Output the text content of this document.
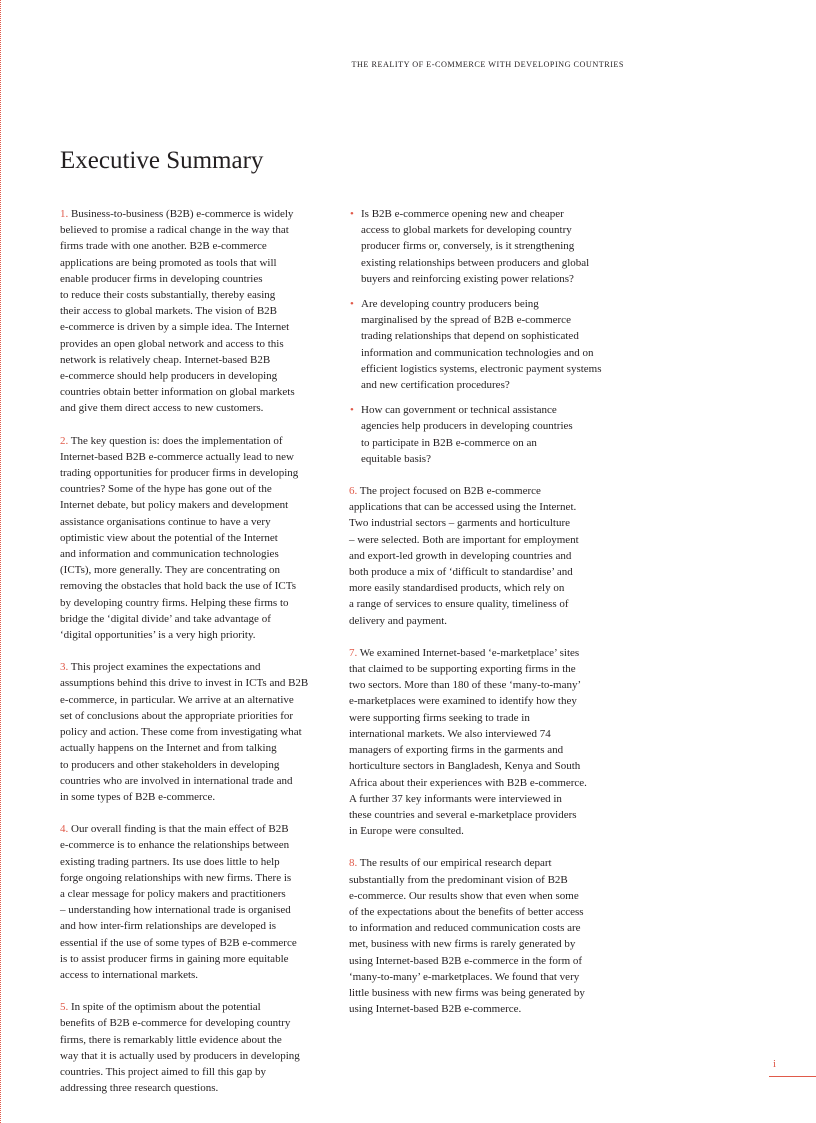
THE REALITY OF E-COMMERCE WITH DEVELOPING COUNTRIES
Executive Summary

1. Business-to-business (B2B) e-commerce is widely
believed to promise a radical change in the way that
firms trade with one another. B2B e-commerce
applications are being promoted as tools that will
enable producer firms in developing countries
to reduce their costs substantially, thereby easing
their access to global markets. The vision of B2B
e-commerce is driven by a simple idea. The Internet
provides an open global network and access to this
network is relatively cheap. Internet-based B2B
e-commerce should help producers in developing
countries obtain better information on global markets
and give them direct access to new customers.

2. The key question is: does the implementation of
Internet-based B2B e-commerce actually lead to new
trading opportunities for producer firms in developing
countries? Some of the hype has gone out of the
Internet debate, but policy makers and development
assistance organisations continue to have a very
optimistic view about the potential of the Internet
and information and communication technologies
(ICTs), more generally. They are concentrating on
removing the obstacles that hold back the use of ICTs
by developing country firms. Helping these firms to
bridge the ‘digital divide’ and take advantage of
‘digital opportunities’ is a very high priority.

3. This project examines the expectations and
assumptions behind this drive to invest in ICTs and B2B
e-commerce, in particular. We arrive at an alternative
set of conclusions about the appropriate priorities for
policy and action. These come from investigating what
actually happens on the Internet and from talking
to producers and other stakeholders in developing
countries who are involved in international trade and
in some types of B2B e-commerce.

4. Our overall finding is that the main effect of B2B
e-commerce is to enhance the relationships between
existing trading partners. Its use does little to help
forge ongoing relationships with new firms. There is
a clear message for policy makers and practitioners
– understanding how international trade is organised
and how inter-firm relationships are developed is
essential if the use of some types of B2B e-commerce
is to assist producer firms in gaining more equitable
access to international markets.

5. In spite of the optimism about the potential
benefits of B2B e-commerce for developing country
firms, there is remarkably little evidence about the
way that it is actually used by producers in developing
countries. This project aimed to fill this gap by
addressing three research questions.

• Is B2B e-commerce opening new and cheaper
access to global markets for developing country
producer firms or, conversely, is it strengthening
existing relationships between producers and global
buyers and reinforcing existing power relations?
• Are developing country producers being
marginalised by the spread of B2B e-commerce
trading relationships that depend on sophisticated
information and communication technologies and on
efficient logistics systems, electronic payment systems
and new certification procedures?
• How can government or technical assistance
agencies help producers in developing countries
to participate in B2B e-commerce on an
equitable basis?

6. The project focused on B2B e-commerce
applications that can be accessed using the Internet.
Two industrial sectors – garments and horticulture
– were selected. Both are important for employment
and export-led growth in developing countries and
both produce a mix of ‘difficult to standardise’ and
more easily standardised products, which rely on
a range of services to ensure quality, timeliness of
delivery and payment.

7. We examined Internet-based ‘e-marketplace’ sites
that claimed to be supporting exporting firms in the
two sectors. More than 180 of these ‘many-to-many’
e-marketplaces were examined to identify how they
were supporting firms seeking to trade in
international markets. We also interviewed 74
managers of exporting firms in the garments and
horticulture sectors in Bangladesh, Kenya and South
Africa about their experiences with B2B e-commerce.
A further 37 key informants were interviewed in
these countries and several e-marketplace providers
in Europe were consulted.

8. The results of our empirical research depart
substantially from the predominant vision of B2B
e-commerce. Our results show that even when some
of the expectations about the benefits of better access
to information and reduced communication costs are
met, business with new firms is rarely generated by
using Internet-based B2B e-commerce in the form of
‘many-to-many’ e-marketplaces. We found that very
little business with new firms was being generated by
using Internet-based B2B e-commerce.

i
